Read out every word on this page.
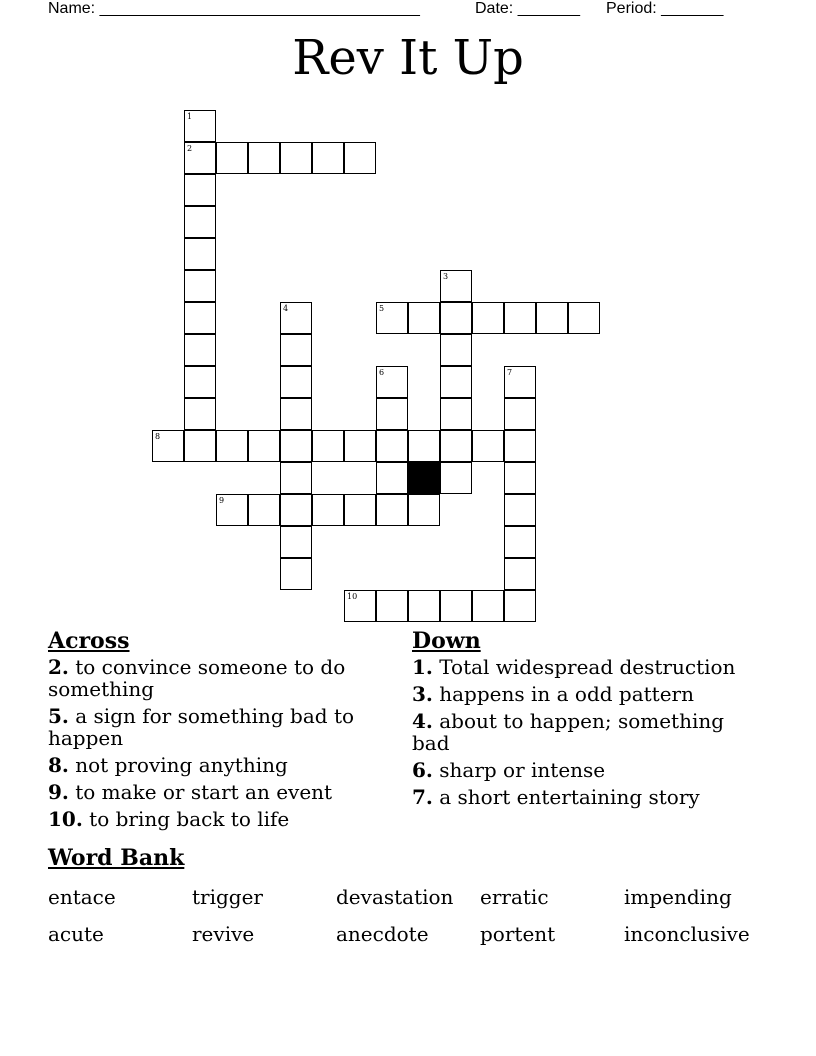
Name: ____________________________________	Date: _______ Period: _______
Rev It Up
1
2
3
4	5
6	7
8
9
10
Across
2. to convince someone to do something
5. a sign for something bad to happen
8. not proving anything
9. to make or start an event
10. to bring back to life
Down
1. Total widespread destruction
3. happens in a odd pattern
4. about to happen; something bad
6. sharp or intense
7. a short entertaining story
Word Bank
entace	trigger	devastation erratic	impending
acute	revive	anecdote	portent	inconclusive
